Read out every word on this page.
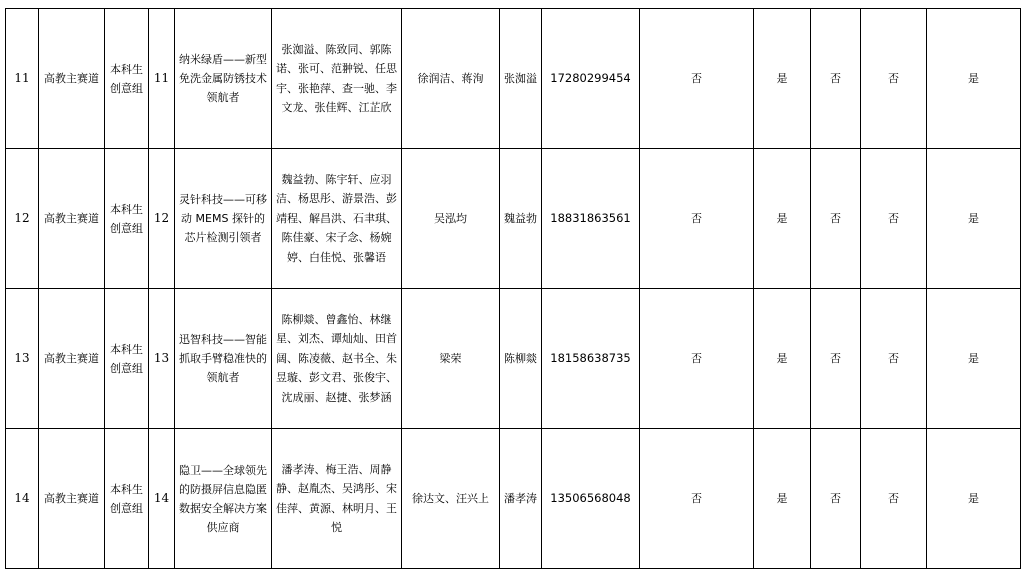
11	高教主赛道	本科生创意组	11	纳米绿盾——新型免洗金属防锈技术领航者	张洳溢、陈致同、郭陈诺、张可、范翀锐、任思宇、张艳萍、查一驰、李文龙、张佳辉、江芷欣	徐润洁、蒋洵	张洳溢	17280299454	否	是	否	否	是
12	高教主赛道	本科生创意组	12	灵针科技——可移动 MEMS 探针的芯片检测引领者	魏益勃、陈宇轩、应羽洁、杨思彤、游景浩、彭靖程、解昌洪、石聿琪、陈佳豪、宋子念、杨婉婷、白佳悦、张馨语	吴泓均	魏益勃	18831863561	否	是	否	否	是
13	高教主赛道	本科生创意组	13	迅智科技——智能抓取手臂稳准快的领航者	陈柳燚、曾鑫怡、林继星、刘杰、谭灿灿、田首阔、陈凌薇、赵书全、朱昱璇、彭文君、张俊宇、沈成丽、赵捷、张梦涵	梁荣	陈柳燚	18158638735	否	是	否	否	是
14	高教主赛道	本科生创意组	14	隐卫——全球领先的防摄屏信息隐匿数据安全解决方案供应商	潘孝涛、梅王浩、周静静、赵胤杰、吴鸿彤、宋佳萍、黄源、林明月、王悦	徐达文、汪兴上	潘孝涛	13506568048	否	是	否	否	是
